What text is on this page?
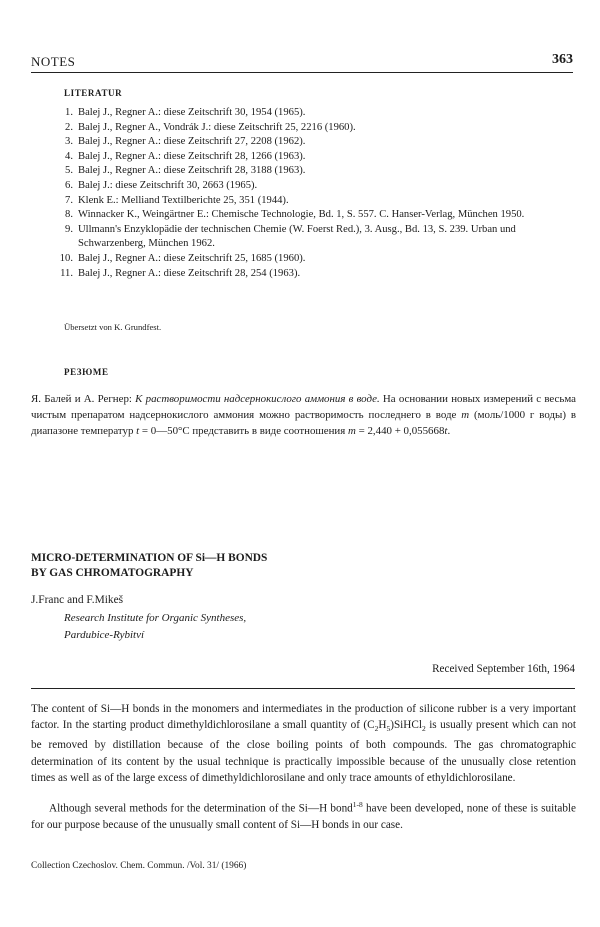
NOTES	363
LITERATUR
1. Balej J., Regner A.: diese Zeitschrift 30, 1954 (1965).
2. Balej J., Regner A., Vondrák J.: diese Zeitschrift 25, 2216 (1960).
3. Balej J., Regner A.: diese Zeitschrift 27, 2208 (1962).
4. Balej J., Regner A.: diese Zeitschrift 28, 1266 (1963).
5. Balej J., Regner A.: diese Zeitschrift 28, 3188 (1963).
6. Balej J.: diese Zeitschrift 30, 2663 (1965).
7. Klenk E.: Melliand Textilberichte 25, 351 (1944).
8. Winnacker K., Weingärtner E.: Chemische Technologie, Bd. 1, S. 557. C. Hanser-Verlag, München 1950.
9. Ullmann's Enzyklopädie der technischen Chemie (W. Foerst Red.), 3. Ausg., Bd. 13, S. 239. Urban und Schwarzenberg, München 1962.
10. Balej J., Regner A.: diese Zeitschrift 25, 1685 (1960).
11. Balej J., Regner A.: diese Zeitschrift 28, 254 (1963).
Übersetzt von K. Grundfest.
РЕЗЮМЕ

Я. Балей и А. Регнер: К растворимости надсернокислого аммония в воде. На основании новых измерений с весьма чистым препаратом надсернокислого аммония можно растворимость последнего в воде m (моль/1000 г воды) в диапазоне температур t = 0—50°C представить в виде соотношения m = 2,440 + 0,055668t.

MICRO-DETERMINATION OF Si—H BONDS
BY GAS CHROMATOGRAPHY
J.Franc and F.Mikeš
Research Institute for Organic Syntheses,
Pardubice-Rybitví
Received September 16th, 1964

The content of Si—H bonds in the monomers and intermediates in the production of silicone rubber is a very important factor. In the starting product dimethyldichlorosilane a small quantity of $(C_2H_5)SiHCl_2$ is usually present which can not be removed by distillation because of the close boiling points of both compounds. The gas chromatographic determination of its content by the usual technique is practically impossible because of the unusually close retention times as well as of the large excess of dimethyldichlorosilane and only trace amounts of ethyldichlorosilane.

Although several methods for the determination of the Si—H bond$^{1-8}$ have been developed, none of these is suitable for our purpose because of the unusually small content of Si—H bonds in our case.

Collection Czechoslov. Chem. Commun. /Vol. 31/ (1966)
